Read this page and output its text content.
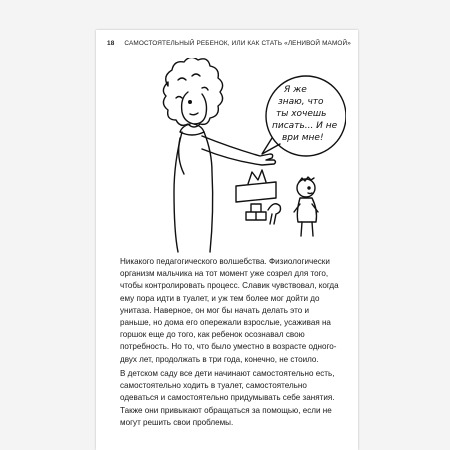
18 САМОСТОЯТЕЛЬНЫЙ РЕБЕНОК, ИЛИ КАК СТАТЬ «ЛЕНИВОЙ МАМОЙ»
Я же
знаю, что
ты хочешь
писать... И не
ври мне!

Никакого педагогического волшебства. Физиологически организм мальчика на тот момент уже созрел для того, чтобы контролировать процесс. Славик чувствовал, когда ему пора идти в туалет, и уж тем более мог дойти до унитаза. Наверное, он мог бы начать делать это и раньше, но дома его опережали взрослые, усаживая на горшок еще до того, как ребенок осознавал свою потребность. Но то, что было уместно в возрасте одного-двух лет, продолжать в три года, конечно, не стоило.

В детском саду все дети начинают самостоятельно есть, самостоятельно ходить в туалет, самостоятельно одеваться и самостоятельно придумывать себе занятия. Также они привыкают обращаться за помощью, если не могут решить свои проблемы.
